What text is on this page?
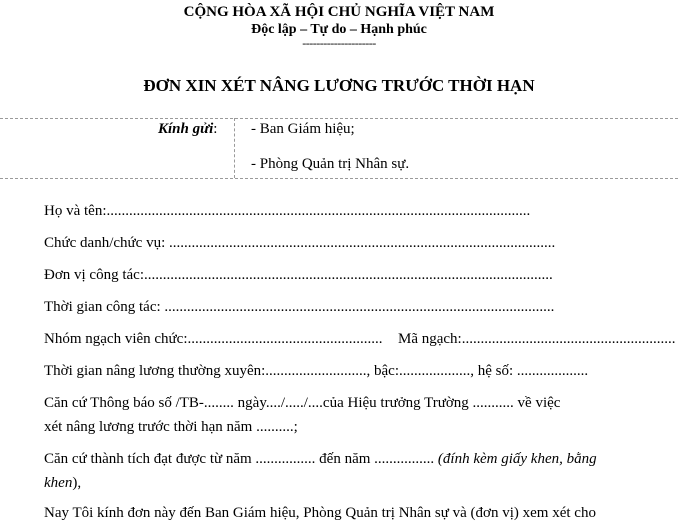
CỘNG HÒA XÃ HỘI CHỦ NGHĨA VIỆT NAM
Độc lập – Tự do – Hạnh phúc
---------------------
ĐƠN XIN XÉT NÂNG LƯƠNG TRƯỚC THỜI HẠN
Kính gửi: - Ban Giám hiệu;
- Phòng Quản trị Nhân sự.
Họ và tên:.................................................................................................................
Chức danh/chức vụ: .......................................................................................................
Đơn vị công tác:.............................................................................................................
Thời gian công tác: ........................................................................................................
Nhóm ngạch viên chức:.................................................... Mã ngạch:.........................................................
Thời gian nâng lương thường xuyên:..........................., bậc:..................., hệ số: ...................
Căn cứ Thông báo số /TB-........ ngày..../...../....của Hiệu trưởng Trường ........... về việc
xét nâng lương trước thời hạn năm ..........;
Căn cứ thành tích đạt được từ năm ................ đến năm ................ (đính kèm giấy khen, bằng
khen),
Nay Tôi kính đơn này đến Ban Giám hiệu, Phòng Quản trị Nhân sự và (đơn vị) xem xét cho
